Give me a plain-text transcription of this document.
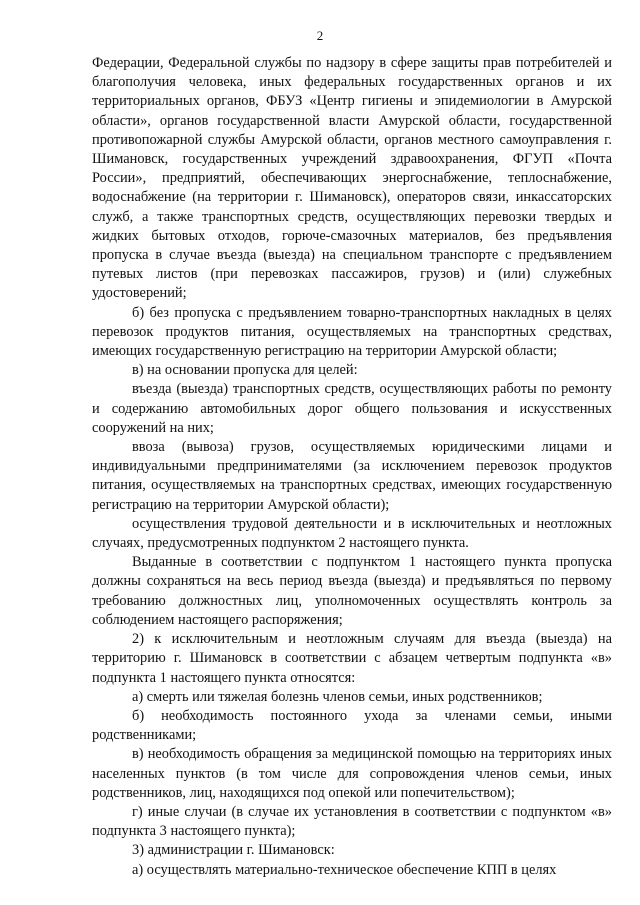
2

Федерации, Федеральной службы по надзору в сфере защиты прав потребителей и благополучия человека, иных федеральных государственных органов и их территориальных органов, ФБУЗ «Центр гигиены и эпидемиологии в Амурской области», органов государственной власти Амурской области, государственной противопожарной службы Амурской области, органов местного самоуправления г. Шимановск, государственных учреждений здравоохранения, ФГУП «Почта России», предприятий, обеспечивающих энергоснабжение, теплоснабжение, водоснабжение (на территории г. Шимановск), операторов связи, инкассаторских служб, а также транспортных средств, осуществляющих перевозки твердых и жидких бытовых отходов, горюче-смазочных материалов, без предъявления пропуска в случае въезда (выезда) на специальном транспорте с предъявлением путевых листов (при перевозках пассажиров, грузов) и (или) служебных удостоверений;

б) без пропуска с предъявлением товарно-транспортных накладных в целях перевозок продуктов питания, осуществляемых на транспортных средствах, имеющих государственную регистрацию на территории Амурской области;

в) на основании пропуска для целей:

въезда (выезда) транспортных средств, осуществляющих работы по ремонту и содержанию автомобильных дорог общего пользования и искусственных сооружений на них;

ввоза (вывоза) грузов, осуществляемых юридическими лицами и индивидуальными предпринимателями (за исключением перевозок продуктов питания, осуществляемых на транспортных средствах, имеющих государственную регистрацию на территории Амурской области);

осуществления трудовой деятельности и в исключительных и неотложных случаях, предусмотренных подпунктом 2 настоящего пункта.

Выданные в соответствии с подпунктом 1 настоящего пункта пропуска должны сохраняться на весь период въезда (выезда) и предъявляться по первому требованию должностных лиц, уполномоченных осуществлять контроль за соблюдением настоящего распоряжения;

2) к исключительным и неотложным случаям для въезда (выезда) на территорию г. Шимановск в соответствии с абзацем четвертым подпункта «в» подпункта 1 настоящего пункта относятся:

а) смерть или тяжелая болезнь членов семьи, иных родственников;

б) необходимость постоянного ухода за членами семьи, иными родственниками;

в) необходимость обращения за медицинской помощью на территориях иных населенных пунктов (в том числе для сопровождения членов семьи, иных родственников, лиц, находящихся под опекой или попечительством);

г) иные случаи (в случае их установления в соответствии с подпунктом «в» подпункта 3 настоящего пункта);

3) администрации г. Шимановск:

а) осуществлять материально-техническое обеспечение КПП в целях
